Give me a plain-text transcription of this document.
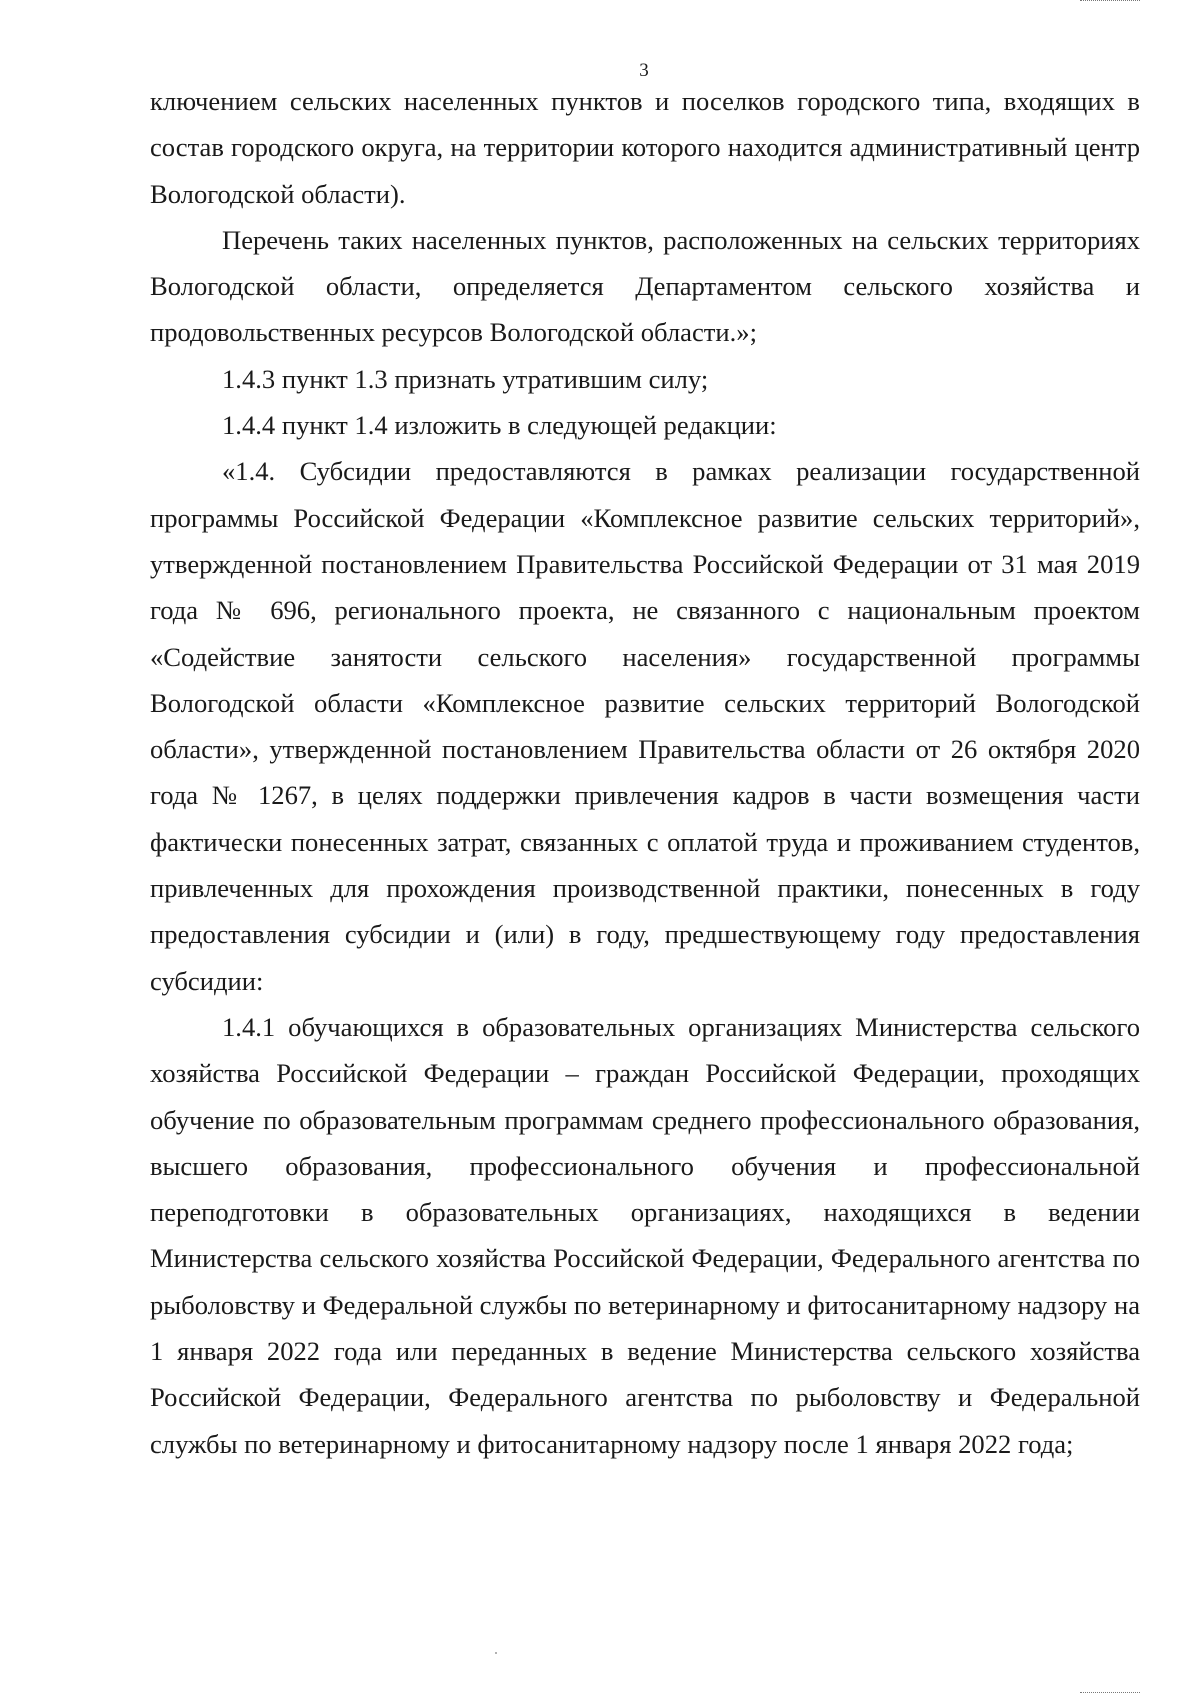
3

ключением сельских населенных пунктов и поселков городского типа, входящих в состав городского округа, на территории которого находится административный центр Вологодской области).

Перечень таких населенных пунктов, расположенных на сельских территориях Вологодской области, определяется Департаментом сельского хозяйства и продовольственных ресурсов Вологодской области.»;

1.4.3 пункт 1.3 признать утратившим силу;

1.4.4 пункт 1.4 изложить в следующей редакции:

«1.4. Субсидии предоставляются в рамках реализации государственной программы Российской Федерации «Комплексное развитие сельских территорий», утвержденной постановлением Правительства Российской Федерации от 31 мая 2019 года № 696, регионального проекта, не связанного с национальным проектом «Содействие занятости сельского населения» государственной программы Вологодской области «Комплексное развитие сельских территорий Вологодской области», утвержденной постановлением Правительства области от 26 октября 2020 года № 1267, в целях поддержки привлечения кадров в части возмещения части фактически понесенных затрат, связанных с оплатой труда и проживанием студентов, привлеченных для прохождения производственной практики, понесенных в году предоставления субсидии и (или) в году, предшествующему году предоставления субсидии:

1.4.1 обучающихся в образовательных организациях Министерства сельского хозяйства Российской Федерации – граждан Российской Федерации, проходящих обучение по образовательным программам среднего профессионального образования, высшего образования, профессионального обучения и профессиональной переподготовки в образовательных организациях, находящихся в ведении Министерства сельского хозяйства Российской Федерации, Федерального агентства по рыболовству и Федеральной службы по ветеринарному и фитосанитарному надзору на 1 января 2022 года или переданных в ведение Министерства сельского хозяйства Российской Федерации, Федерального агентства по рыболовству и Федеральной службы по ветеринарному и фитосанитарному надзору после 1 января 2022 года;
